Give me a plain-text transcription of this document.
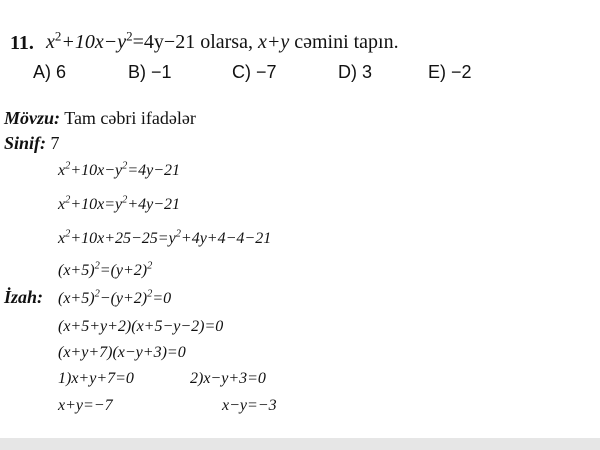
11. $x^2+10x-y^2=4y-21$ olarsa, x+y cəmini tapın.
A) 6	B) −1	C) −7	D) 3	E) −2
Mövzu: Tam cəbri ifadələr
Sinif: 7
$x^2+10x-y^2=4y-21$
$x^2+10x=y^2+4y-21$
$x^2+10x+25-25=y^2+4y+4-4-21$
$(x+5)^2=(y+2)^2$
İzah: $(x+5)^2-(y+2)^2=0$
(x+5+y+2)(x+5−y−2)=0
(x+y+7)(x−y+3)=0
1)x+y+7=0	2)x−y+3=0
x+y=−7	x−y=−3
